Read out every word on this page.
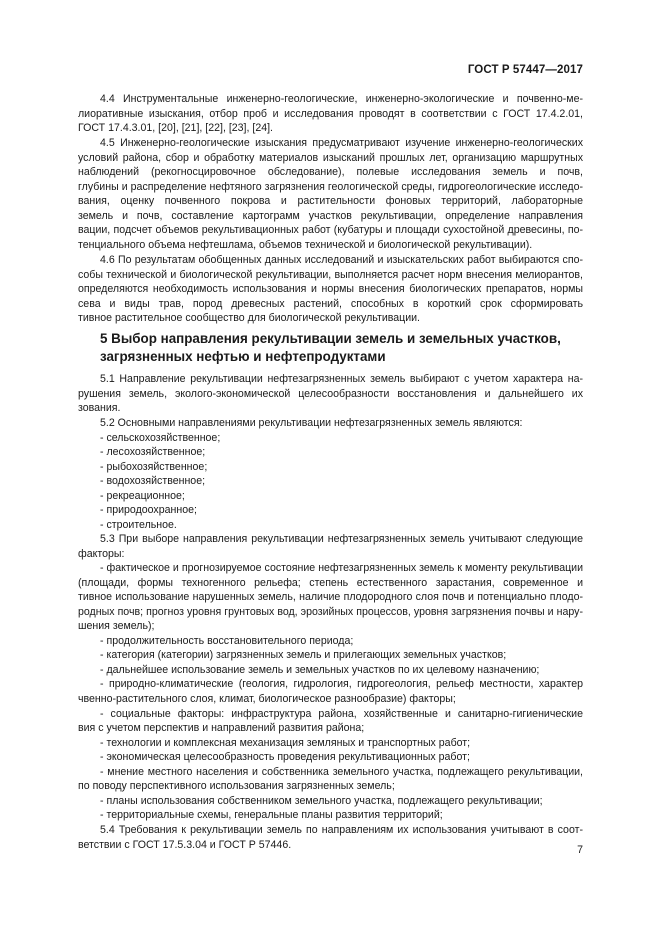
ГОСТ Р 57447—2017
4.4 Инструментальные инженерно-геологические, инженерно-экологические и почвенно-ме-
лиоративные изыскания, отбор проб и исследования проводят в соответствии с ГОСТ 17.4.2.01,
ГОСТ 17.4.3.01, [20], [21], [22], [23], [24].
4.5 Инженерно-геологические изыскания предусматривают изучение инженерно-геологических
условий района, сбор и обработку материалов изысканий прошлых лет, организацию маршрутных
наблюдений (рекогносцировочное обследование), полевые исследования земель и почв,
глубины и распределение нефтяного загрязнения геологической среды, гидрогеологические исследо-
вания, оценку почвенного покрова и растительности фоновых территорий, лабораторные
земель и почв, составление картограмм участков рекультивации, определение направления
вации, подсчет объемов рекультивационных работ (кубатуры и площади сухостойной древесины, по-
тенциального объема нефтешлама, объемов технической и биологической рекультивации).
4.6 По результатам обобщенных данных исследований и изыскательских работ выбираются спо-
собы технической и биологической рекультивации, выполняется расчет норм внесения мелиорантов,
определяются необходимость использования и нормы внесения биологических препаратов, нормы
сева и виды трав, пород древесных растений, способных в короткий срок сформировать
тивное растительное сообщество для биологической рекультивации.
5 Выбор направления рекультивации земель и земельных участков,
загрязненных нефтью и нефтепродуктами
5.1 Направление рекультивации нефтезагрязненных земель выбирают с учетом характера на-
рушения земель, эколого-экономической целесообразности восстановления и дальнейшего их
зования.
5.2 Основными направлениями рекультивации нефтезагрязненных земель являются:
- сельскохозяйственное;
- лесохозяйственное;
- рыбохозяйственное;
- водохозяйственное;
- рекреационное;
- природоохранное;
- строительное.
5.3 При выборе направления рекультивации нефтезагрязненных земель учитывают следующие
факторы:
- фактическое и прогнозируемое состояние нефтезагрязненных земель к моменту рекультивации
(площади, формы техногенного рельефа; степень естественного зарастания, современное и
тивное использование нарушенных земель, наличие плодородного слоя почв и потенциально плодо-
родных почв; прогноз уровня грунтовых вод, эрозийных процессов, уровня загрязнения почвы и нару-
шения земель);
- продолжительность восстановительного периода;
- категория (категории) загрязненных земель и прилегающих земельных участков;
- дальнейшее использование земель и земельных участков по их целевому назначению;
- природно-климатические (геология, гидрология, гидрогеология, рельеф местности, характер
чвенно-растительного слоя, климат, биологическое разнообразие) факторы;
- социальные факторы: инфраструктура района, хозяйственные и санитарно-гигиенические
вия с учетом перспектив и направлений развития района;
- технологии и комплексная механизация земляных и транспортных работ;
- экономическая целесообразность проведения рекультивационных работ;
- мнение местного населения и собственника земельного участка, подлежащего рекультивации,
по поводу перспективного использования загрязненных земель;
- планы использования собственником земельного участка, подлежащего рекультивации;
- территориальные схемы, генеральные планы развития территорий;
5.4 Требования к рекультивации земель по направлениям их использования учитывают в соот-
ветствии с ГОСТ 17.5.3.04 и ГОСТ Р 57446.	7
